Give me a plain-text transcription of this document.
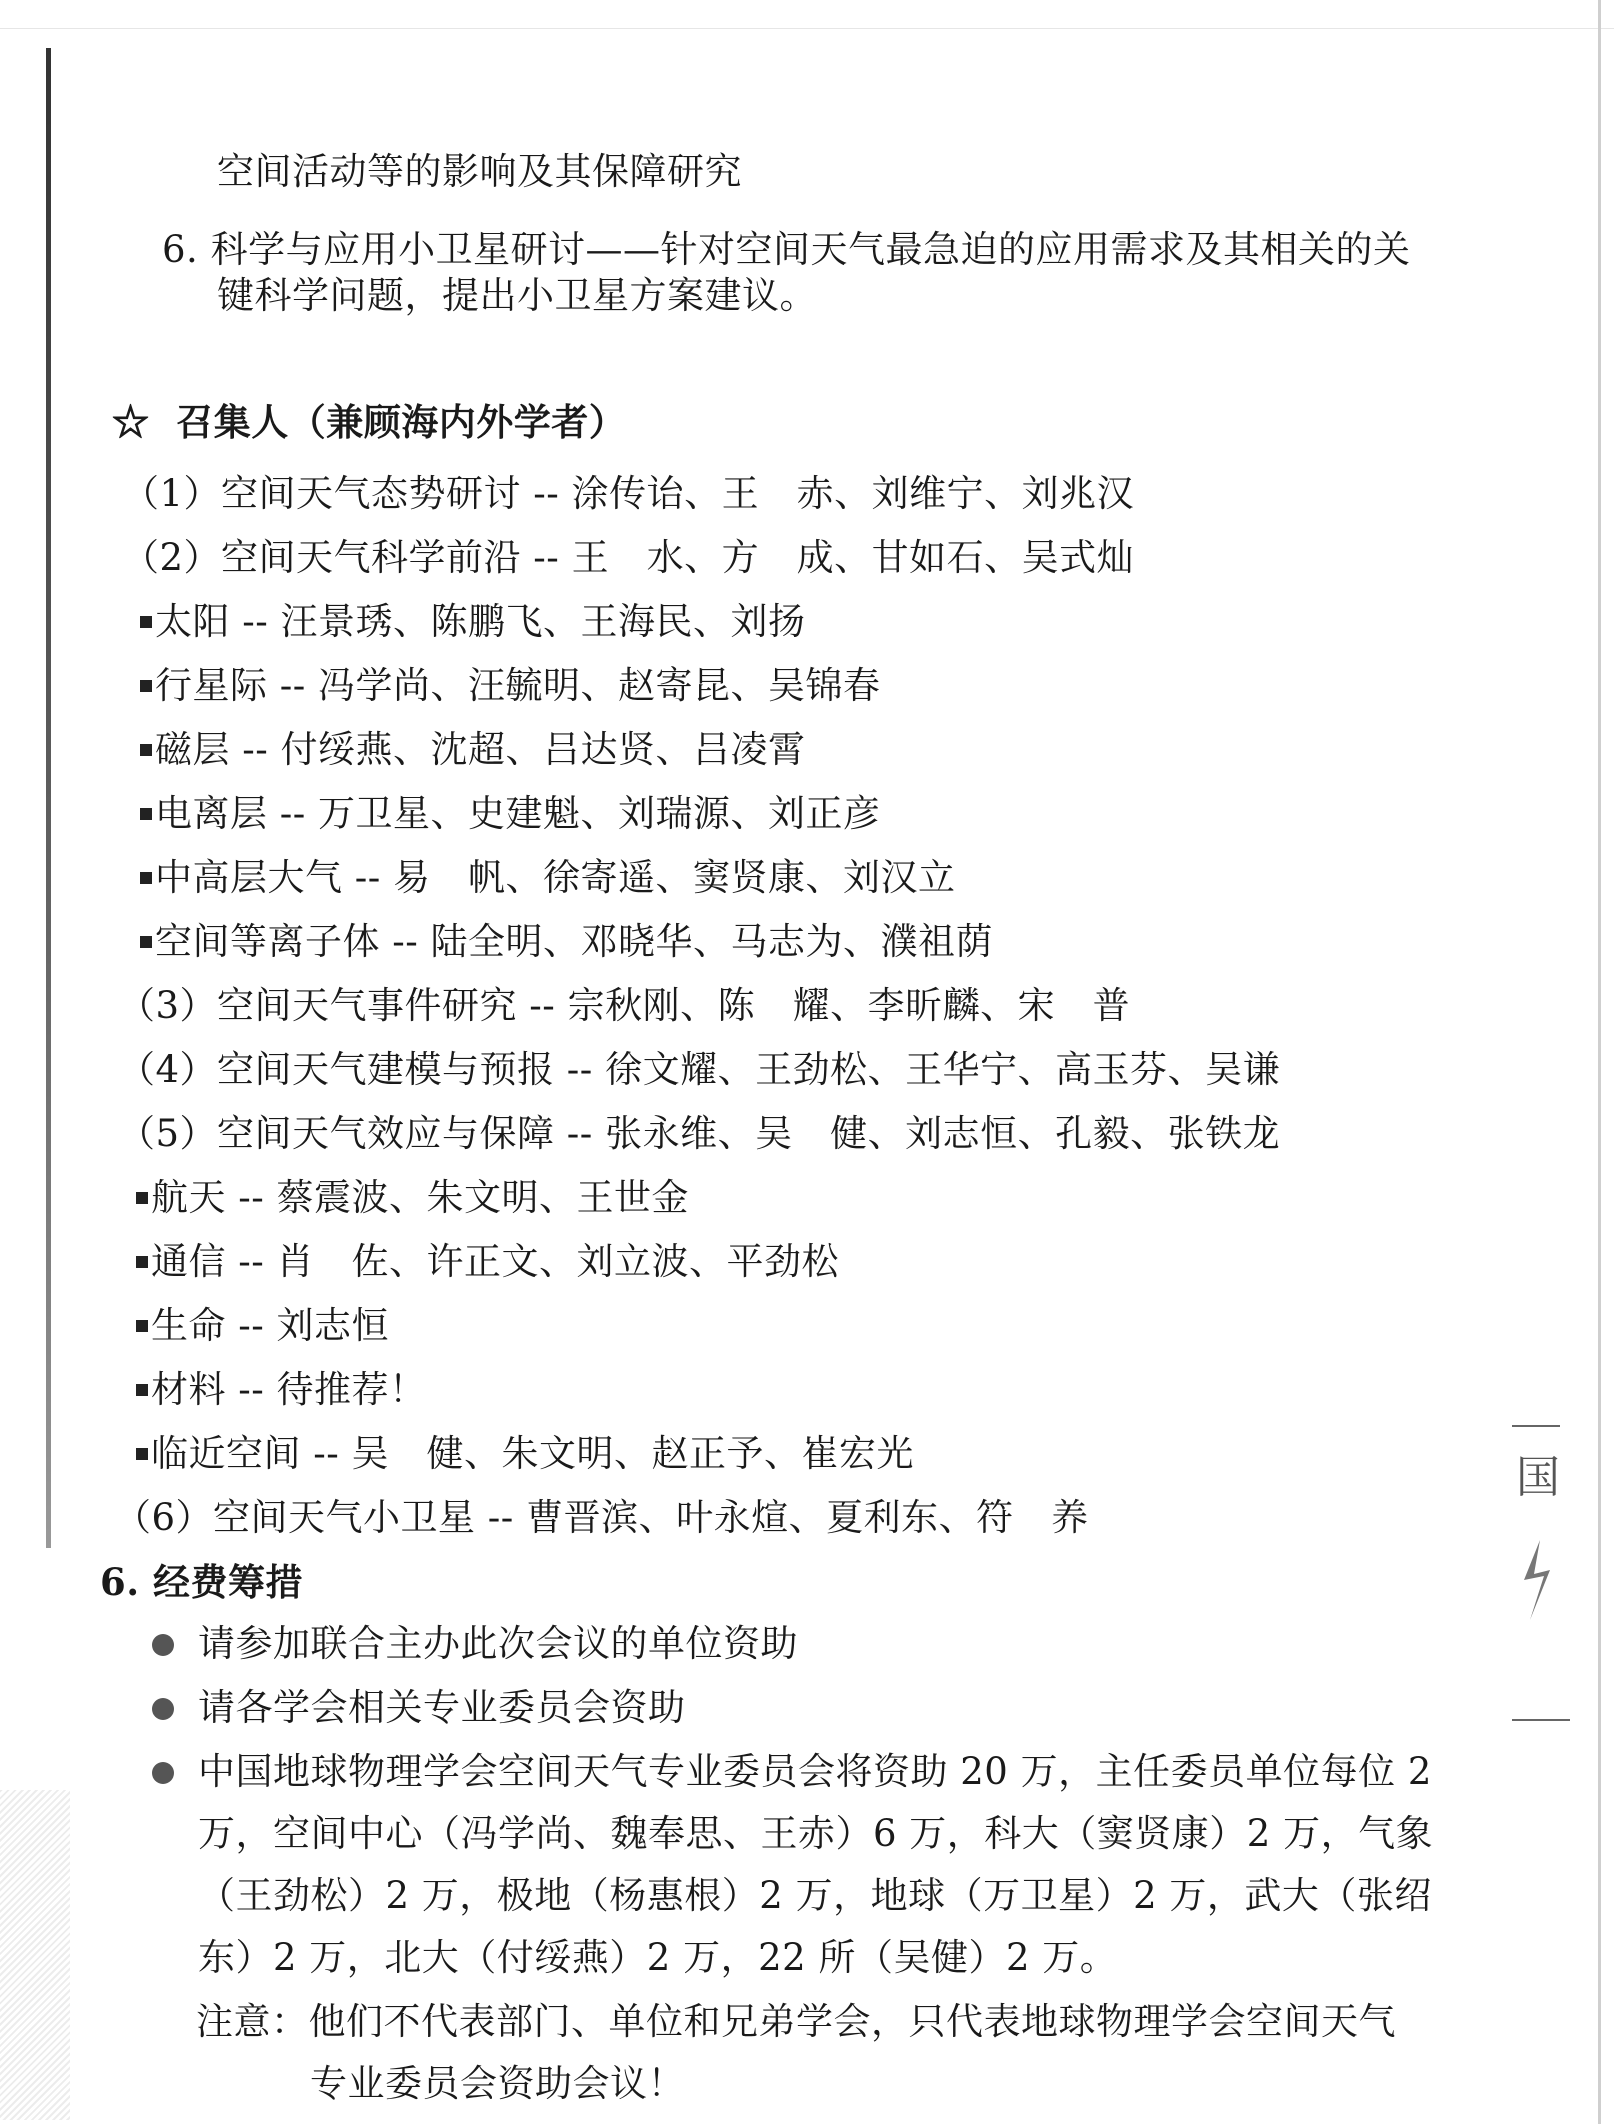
空间活动等的影响及其保障研究
6. 科学与应用小卫星研讨——针对空间天气最急迫的应用需求及其相关的关
键科学问题，提出小卫星方案建议。
☆  召集人（兼顾海内外学者）
（1）空间天气态势研讨 -- 涂传诒、王　赤、刘维宁、刘兆汉
（2）空间天气科学前沿 -- 王　水、方　成、甘如石、吴式灿
太阳 -- 汪景琇、陈鹏飞、王海民、刘扬
行星际 -- 冯学尚、汪毓明、赵寄昆、吴锦春
磁层 -- 付绥燕、沈超、吕达贤、吕凌霄
电离层 -- 万卫星、史建魁、刘瑞源、刘正彦
中高层大气 -- 易　帆、徐寄遥、窦贤康、刘汉立
空间等离子体 -- 陆全明、邓晓华、马志为、濮祖荫
（3）空间天气事件研究 -- 宗秋刚、陈　耀、李昕麟、宋　普
（4）空间天气建模与预报 -- 徐文耀、王劲松、王华宁、高玉芬、吴谦
（5）空间天气效应与保障 -- 张永维、吴　健、刘志恒、孔毅、张铁龙
航天 -- 蔡震波、朱文明、王世金
通信 -- 肖　佐、许正文、刘立波、平劲松
生命 -- 刘志恒
材料 -- 待推荐！
临近空间 -- 吴　健、朱文明、赵正予、崔宏光
（6）空间天气小卫星 -- 曹晋滨、叶永煊、夏利东、符　养
6. 经费筹措
请参加联合主办此次会议的单位资助
请各学会相关专业委员会资助
中国地球物理学会空间天气专业委员会将资助 20 万，主任委员单位每位 2
万，空间中心（冯学尚、魏奉思、王赤）6 万，科大（窦贤康）2 万，气象
（王劲松）2 万，极地（杨惠根）2 万，地球（万卫星）2 万，武大（张绍
东）2 万，北大（付绥燕）2 万，22 所（吴健）2 万。
注意：他们不代表部门、单位和兄弟学会，只代表地球物理学会空间天气
专业委员会资助会议！
国
